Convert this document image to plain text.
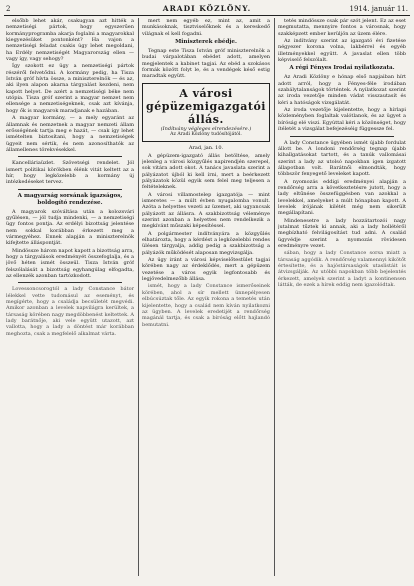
2	ARADI KÖZLÖNY.	1914. január 11.

elsőbb lehet akár, csakugyan azt hitték a nemzetiségi pártok, hogy egyszerűen kormányprogramba akarja foglalni a magyarokkal kiegyezésüket pontonként? Ha vajon a nemzetiségi feladat csakis úgy lehet megoldani, ha Erdély nemzetiségét Magyarország ellen — vagy így, vagy sehogy?

Így szokott ez ügy a nemzetiségi pártok részéről felvetődni. A kormány pedig, ha Tisza István gróf hívta össze, a miniszterelnök — és az, aki ilyen alapon akarna tárgyalást kezdeni, nem kapott helyet. De azért a nemzetiségi béke nem utópia. Tisza gróf szerint a magyar nemzet nem ellensége a nemzetiségeknek, csak azt kívánja, hogy ők is magyarok maradjanak e hazában.

A magyar kormány, — a mely egyaránt az államnak és nemzetnek a magyar nemzeti állam erősségének tartja meg e hazát, — csak így lehet ismételten biztosítani, hogy a nemzetiségek ügyeit nem sértik, és nem azonosíthatók az államellenes törekvésekkel.

Kancelláriaüzlet. Szövetségi rendelet. Jól ismert politikai körökben élénk vitát keltett az a hír, hogy legközelebb a kormány új intézkedéseket tervez.

A magyarság sorsának igazságos, boldogító rendezése.

A magyarok szóváltása után a kolozsvári gyűlésen, — jól tudja mindenki, — a nemzetiségi ügy fontos pontja. Az erdélyi bizottság jelentése nem sokkal korábban érkezett meg a vármegyéhez. Ennek alapján a miniszterelnök kifejtette álláspontját.

Mindössze három napot kapott a bizottság arra, hogy a tárgyalások eredményét összefoglalja, és a jövő héten ismét összeül. Tisza István gróf felszólalását a bizottság egyhangúlag elfogadta, az ellenzék azonban tartózkodott.

Lovessoncsorogtól a lady Constance bátor lélekkel vette tudomásul az eseményt, és megígérte, hogy a családja becsületét megvédi. Amikor azonban a levelek napvilágra kerültek, a társaság körében nagy megdöbbenést keltettek. A lady barátnője, aki vele együtt utazott, azt vallotta, hogy a lady a döntést már korábban meghozta, csak a megfelelő alkalmat várta.

mert nem egyéb ez, mint az, amit a munkásoknak, tisztviselőknek és a kereskedő világnak el kell fogadni.

Miniszterek ebédje.

Tegnap este Tisza István gróf miniszterelnök a budai várpalotában ebédet adott, amelyen megjelentek a kabinet tagjai. Az ebéd a szokásos formák között folyt le, és a vendégek késő estig maradtak együtt.

A városi
gépüzemigazgatói állás.
(Indítvány végleges elrendezésére.)
Az Aradi Közlöny tudósítójától.

Arad, jan. 10.

A gépüzem-igazgató állás betöltése, amely jelenleg a városi közgyűlés napirendjén szerepel, sok vitára adott okot. A tanács javaslata szerint a pályázatot újból ki kell írni, mert a beérkezett pályázatok közül egyik sem felel meg teljesen a feltételeknek.

A városi villamostelep igazgatója — mint ismeretes — a múlt évben nyugalomba vonult. Azóta a helyettes vezeti az üzemet, aki ugyancsak pályázott az állásra. A szakbizottság véleménye szerint azonban a helyettes nem rendelkezik a megkívánt műszaki képesítéssel.

A polgármester indítványára a közgyűlés elhatározta, hogy a kérdést a legközelebbi rendes ülésen tárgyalja, addig pedig a szakbizottság a pályázók működését alaposan megvizsgálja.

Az ügy iránt a városi képviselőtestület tagjai körében nagy az érdeklődés, mert a gépüzem vezetése a város egyik legfontosabb és legjövedelmezőbb állása.

ismét, hogy a lady Constance ismerőseinek körében, ahol a sír mellett ünnepélyesen elbúcsúztak tőle. Az egyik rokona a temetés után kijelentette, hogy a család nem kíván nyilatkozni az ügyben. A levelek eredetijét a rendőrség magánál tartja, és csak a bíróság előtt hajlandó bemutatni.

tetés mindössze csak pár szót jelent. Ez az eset megmutatta, mennyire fontos a városnak, hogy szakképzett ember kerüljön az üzem élére.

Az indítvány szerint az igazgató évi fizetése négyezer korona volna, lakbérrel és egyéb illetményekkel együtt. A javaslat ellen több képviselő felszólalt.

A régi Fényes Irodai nyilatkozata.

Az Aradi Közlöny e hónap első napjaiban hírt adott arról, hogy a Fényes-féle irodában szabálytalanságok történtek. A nyilatkozat szerint az iroda vezetője minden vádat visszautasít és kéri a hatóságok vizsgálatát.

Az iroda vezetője kijelentette, hogy a hírlapi közleményben foglaltak valótlanok, és az ügyet a bíróság elé viszi. Egyúttal kéri a közönséget, hogy ítéletét a vizsgálat befejezéséig függessze fel.

A lady Constance ügyében ismét újabb fordulat állott be. A londoni rendőrség tegnap újabb kihallgatásokat tartott, és a tanúk vallomásai szerint a lady az utolsó napokban igen izgatott állapotban volt. Barátnői elmondták, hogy többször fenyegető leveleket kapott.

A nyomozás eddigi eredményei alapján a rendőrség arra a következtetésre jutott, hogy a lady eltűnése összefüggésben van azokkal a levelekkel, amelyeket a múlt hónapban kapott. A levelek írójának kilétét még nem sikerült megállapítani.

Mindenesetre a lady hozzátartozói nagy jutalmat tűztek ki annak, aki a lady hollétéről megbízható felvilágosítást tud adni. A család ügyvédje szerint a nyomozás rövidesen eredményre vezet.

sában, hogy a lady Constance sorsa miatt a társaság aggódik. A rendőrség valamennyi kikötőt értesítette, és a hajóstársaságok utaslistáit is átvizsgálják. Az utóbbi napokban több bejelentés érkezett, amelyek szerint a ladyt a kontinensen látták, de ezek a hírek eddig nem igazolódtak.
